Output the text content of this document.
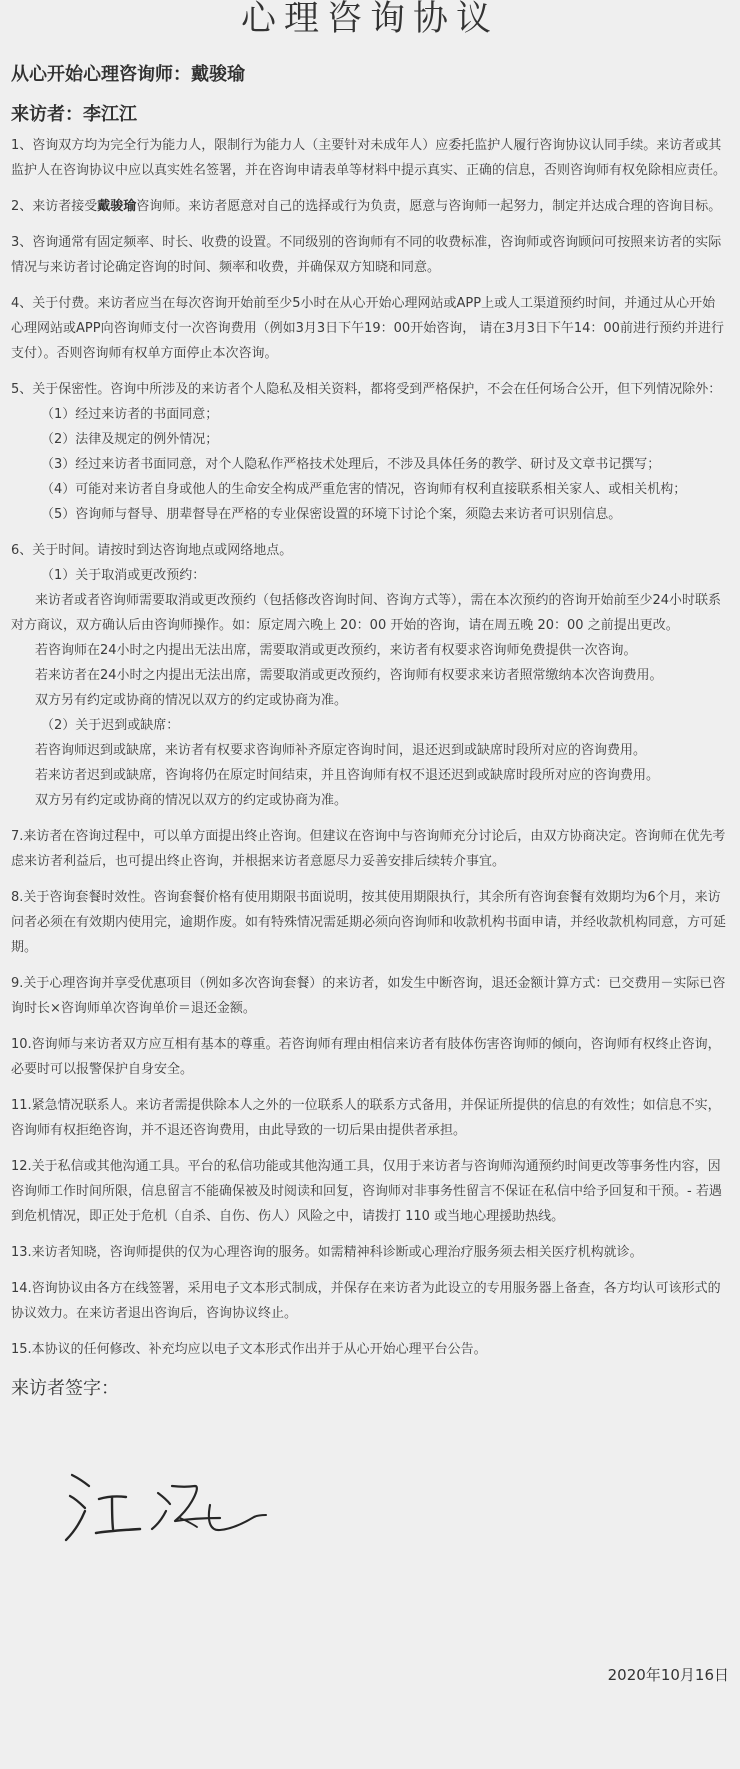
心理咨询协议
从心开始心理咨询师：戴骏瑜
来访者：李江江

1、咨询双方均为完全行为能力人，限制行为能力人（主要针对未成年人）应委托监护人履行咨询协议认同手续。来访者或其监护人在咨询协议中应以真实姓名签署，并在咨询申请表单等材料中提示真实、正确的信息，否则咨询师有权免除相应责任。

2、来访者接受戴骏瑜咨询师。来访者愿意对自己的选择或行为负责，愿意与咨询师一起努力，制定并达成合理的咨询目标。

3、咨询通常有固定频率、时长、收费的设置。不同级别的咨询师有不同的收费标准，咨询师或咨询顾问可按照来访者的实际情况与来访者讨论确定咨询的时间、频率和收费，并确保双方知晓和同意。

4、关于付费。来访者应当在每次咨询开始前至少5小时在从心开始心理网站或APP上或人工渠道预约时间，并通过从心开始心理网站或APP向咨询师支付一次咨询费用（例如3月3日下午19：00开始咨询， 请在3月3日下午14：00前进行预约并进行支付）。否则咨询师有权单方面停止本次咨询。

5、关于保密性。咨询中所涉及的来访者个人隐私及相关资料，都将受到严格保护，不会在任何场合公开，但下列情况除外：

（1）经过来访者的书面同意；
（2）法律及规定的例外情况；
（3）经过来访者书面同意，对个人隐私作严格技术处理后，不涉及具体任务的教学、研讨及文章书记撰写；
（4）可能对来访者自身或他人的生命安全构成严重危害的情况，咨询师有权利直接联系相关家人、或相关机构；
（5）咨询师与督导、朋辈督导在严格的专业保密设置的环境下讨论个案，须隐去来访者可识别信息。

6、关于时间。请按时到达咨询地点或网络地点。

（1）关于取消或更改预约：
来访者或者咨询师需要取消或更改预约（包括修改咨询时间、咨询方式等），需在本次预约的咨询开始前至少24小时联系对方商议，双方确认后由咨询师操作。如：原定周六晚上 20：00 开始的咨询，请在周五晚 20：00 之前提出更改。
若咨询师在24小时之内提出无法出席，需要取消或更改预约，来访者有权要求咨询师免费提供一次咨询。
若来访者在24小时之内提出无法出席，需要取消或更改预约，咨询师有权要求来访者照常缴纳本次咨询费用。
双方另有约定或协商的情况以双方的约定或协商为准。
（2）关于迟到或缺席：
若咨询师迟到或缺席，来访者有权要求咨询师补齐原定咨询时间，退还迟到或缺席时段所对应的咨询费用。
若来访者迟到或缺席，咨询将仍在原定时间结束，并且咨询师有权不退还迟到或缺席时段所对应的咨询费用。
双方另有约定或协商的情况以双方的约定或协商为准。

7.来访者在咨询过程中，可以单方面提出终止咨询。但建议在咨询中与咨询师充分讨论后，由双方协商决定。咨询师在优先考虑来访者利益后，也可提出终止咨询，并根据来访者意愿尽力妥善安排后续转介事宜。

8.关于咨询套餐时效性。咨询套餐价格有使用期限书面说明，按其使用期限执行，其余所有咨询套餐有效期均为6个月，来访问者必须在有效期内使用完，逾期作废。如有特殊情况需延期必须向咨询师和收款机构书面申请，并经收款机构同意，方可延期。

9.关于心理咨询并享受优惠项目（例如多次咨询套餐）的来访者，如发生中断咨询，退还金额计算方式：已交费用－实际已咨询时长×咨询师单次咨询单价＝退还金额。

10.咨询师与来访者双方应互相有基本的尊重。若咨询师有理由相信来访者有肢体伤害咨询师的倾向，咨询师有权终止咨询， 必要时可以报警保护自身安全。

11.紧急情况联系人。来访者需提供除本人之外的一位联系人的联系方式备用，并保证所提供的信息的有效性；如信息不实，咨询师有权拒绝咨询，并不退还咨询费用，由此导致的一切后果由提供者承担。

12.关于私信或其他沟通工具。平台的私信功能或其他沟通工具，仅用于来访者与咨询师沟通预约时间更改等事务性内容，因咨询师工作时间所限，信息留言不能确保被及时阅读和回复，咨询师对非事务性留言不保证在私信中给予回复和干预。- 若遇到危机情况，即正处于危机（自杀、自伤、伤人）风险之中，请拨打 110 或当地心理援助热线。

13.来访者知晓，咨询师提供的仅为心理咨询的服务。如需精神科诊断或心理治疗服务须去相关医疗机构就诊。

14.咨询协议由各方在线签署，采用电子文本形式制成，并保存在来访者为此设立的专用服务器上备查，各方均认可该形式的协议效力。在来访者退出咨询后，咨询协议终止。

15.本协议的任何修改、补充均应以电子文本形式作出并于从心开始心理平台公告。

来访者签字：
2020年10月16日
